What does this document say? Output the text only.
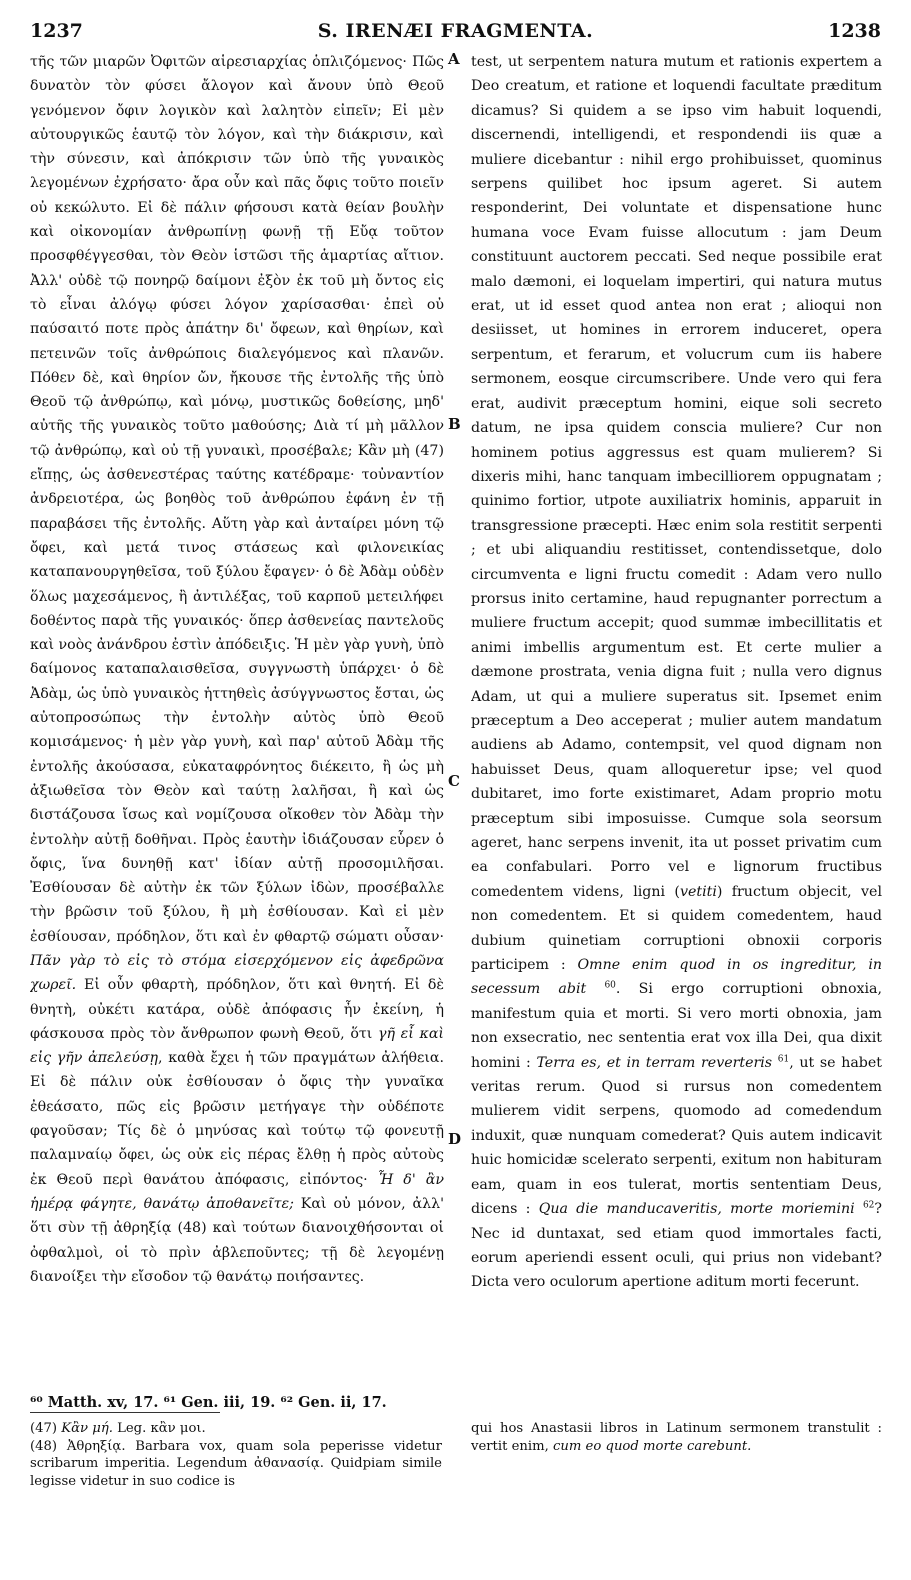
1237	S. IRENÆI FRAGMENTA.	1238

τῆς τῶν μιαρῶν Ὀφιτῶν αἱρεσιαρχίας ὁπλιζόμενος· Πῶς δυνατὸν τὸν φύσει ἄλογον καὶ ἄνουν ὑπὸ Θεοῦ γενόμενον ὄφιν λογικὸν καὶ λαλητὸν εἰπεῖν; Εἰ μὲν αὐτουργικῶς ἑαυτῷ τὸν λόγον, καὶ τὴν διάκρισιν, καὶ τὴν σύνεσιν, καὶ ἀπόκρισιν τῶν ὑπὸ τῆς γυναικὸς λεγομένων ἐχρήσατο· ἄρα οὖν καὶ πᾶς ὄφις τοῦτο ποιεῖν οὐ κεκώλυτο. Εἰ δὲ πάλιν φήσουσι κατὰ θείαν βουλὴν καὶ οἰκονομίαν ἀνθρωπίνῃ φωνῇ τῇ Εὔᾳ τοῦτον προσφθέγγεσθαι, τὸν Θεὸν ἱστῶσι τῆς ἁμαρτίας αἴτιον. Ἀλλ' οὐδὲ τῷ πονηρῷ δαίμονι ἐξὸν ἐκ τοῦ μὴ ὄντος εἰς τὸ εἶναι ἀλόγῳ φύσει λόγον χαρίσασθαι· ἐπεὶ οὐ παύσαιτό ποτε πρὸς ἀπάτην δι' ὄφεων, καὶ θηρίων, καὶ πετεινῶν τοῖς ἀνθρώποις διαλεγόμενος καὶ πλανῶν. Πόθεν δὲ, καὶ θηρίον ὤν, ἤκουσε τῆς ἐντολῆς τῆς ὑπὸ Θεοῦ τῷ ἀνθρώπῳ, καὶ μόνῳ, μυστικῶς δοθείσης, μηδ' αὐτῆς τῆς γυναικὸς τοῦτο μαθούσης; Διὰ τί μὴ μᾶλλον τῷ ἀνθρώπῳ, καὶ οὐ τῇ γυναικὶ, προσέβαλε; Κἂν μὴ (47) εἴπῃς, ὡς ἀσθενεστέρας ταύτης κατέδραμε· τοὐναντίον ἀνδρειοτέρα, ὡς βοηθὸς τοῦ ἀνθρώπου ἐφάνη ἐν τῇ παραβάσει τῆς ἐντολῆς. Αὕτη γὰρ καὶ ἀνταίρει μόνη τῷ ὄφει, καὶ μετά τινος στάσεως καὶ φιλονεικίας καταπανουργηθεῖσα, τοῦ ξύλου ἔφαγεν· ὁ δὲ Ἀδὰμ οὐδὲν ὅλως μαχεσάμενος, ἢ ἀντιλέξας, τοῦ καρποῦ μετειλήφει δοθέντος παρὰ τῆς γυναικός· ὅπερ ἀσθενείας παντελοῦς καὶ νοὸς ἀνάνδρου ἐστὶν ἀπόδειξις. Ἡ μὲν γὰρ γυνὴ, ὑπὸ δαίμονος καταπαλαισθεῖσα, συγγνωστὴ ὑπάρχει· ὁ δὲ Ἀδὰμ, ὡς ὑπὸ γυναικὸς ἡττηθεὶς ἀσύγγνωστος ἔσται, ὡς αὐτοπροσώπως τὴν ἐντολὴν αὐτὸς ὑπὸ Θεοῦ κομισάμενος· ἡ μὲν γὰρ γυνὴ, καὶ παρ' αὐτοῦ Ἀδὰμ τῆς ἐντολῆς ἀκούσασα, εὐκαταφρόνητος διέκειτο, ἢ ὡς μὴ ἀξιωθεῖσα τὸν Θεὸν καὶ ταύτῃ λαλῆσαι, ἢ καὶ ὡς διστάζουσα ἴσως καὶ νομίζουσα οἴκοθεν τὸν Ἀδὰμ τὴν ἐντολὴν αὐτῇ δοθῆναι. Πρὸς ἑαυτὴν ἰδιάζουσαν εὗρεν ὁ ὄφις, ἵνα δυνηθῇ κατ' ἰδίαν αὐτῇ προσομιλῆσαι. Ἐσθίουσαν δὲ αὐτὴν ἐκ τῶν ξύλων ἰδὼν, προσέβαλλε τὴν βρῶσιν τοῦ ξύλου, ἢ μὴ ἐσθίουσαν. Καὶ εἰ μὲν ἐσθίουσαν, πρόδηλον, ὅτι καὶ ἐν φθαρτῷ σώματι οὖσαν· Πᾶν γὰρ τὸ εἰς τὸ στόμα εἰσερχόμενον εἰς ἀφεδρῶνα χωρεῖ. Εἰ οὖν φθαρτὴ, πρόδηλον, ὅτι καὶ θνητή. Εἰ δὲ θνητὴ, οὐκέτι κατάρα, οὐδὲ ἀπόφασις ἦν ἐκείνη, ἡ φάσκουσα πρὸς τὸν ἄνθρωπον φωνὴ Θεοῦ, ὅτι γῆ εἶ καὶ εἰς γῆν ἀπελεύσῃ, καθὰ ἔχει ἡ τῶν πραγμάτων ἀλήθεια. Εἰ δὲ πάλιν οὐκ ἐσθίουσαν ὁ ὄφις τὴν γυναῖκα ἐθεάσατο, πῶς εἰς βρῶσιν μετήγαγε τὴν οὐδέποτε φαγοῦσαν; Τίς δὲ ὁ μηνύσας καὶ τούτῳ τῷ φονευτῇ παλαμναίῳ ὄφει, ὡς οὐκ εἰς πέρας ἔλθῃ ἡ πρὸς αὐτοὺς ἐκ Θεοῦ περὶ θανάτου ἀπόφασις, εἰπόντος· Ἧ δ' ἂν ἡμέρᾳ φάγητε, θανάτῳ ἀποθανεῖτε; Καὶ οὐ μόνον, ἀλλ' ὅτι σὺν τῇ ἀθρηξίᾳ (48) καὶ τούτων διανοιχθήσονται οἱ ὀφθαλμοὶ, οἱ τὸ πρὶν ἀβλεποῦντες; τῇ δὲ λεγομένῃ διανοίξει τὴν εἴσοδον τῷ θανάτῳ ποιήσαντες.

A
B
C
D

test, ut serpentem natura mutum et rationis expertem a Deo creatum, et ratione et loquendi facultate præditum dicamus? Si quidem a se ipso vim habuit loquendi, discernendi, intelligendi, et respondendi iis quæ a muliere dicebantur : nihil ergo prohibuisset, quominus serpens quilibet hoc ipsum ageret. Si autem responderint, Dei voluntate et dispensatione hunc humana voce Evam fuisse allocutum : jam Deum constituunt auctorem peccati. Sed neque possibile erat malo dæmoni, ei loquelam impertiri, qui natura mutus erat, ut id esset quod antea non erat ; alioqui non desiisset, ut homines in errorem induceret, opera serpentum, et ferarum, et volucrum cum iis habere sermonem, eosque circumscribere. Unde vero qui fera erat, audivit præceptum homini, eique soli secreto datum, ne ipsa quidem conscia muliere? Cur non hominem potius aggressus est quam mulierem? Si dixeris mihi, hanc tanquam imbecilliorem oppugnatam ; quinimo fortior, utpote auxiliatrix hominis, apparuit in transgressione præcepti. Hæc enim sola restitit serpenti ; et ubi aliquandiu restitisset, contendissetque, dolo circumventa e ligni fructu comedit : Adam vero nullo prorsus inito certamine, haud repugnanter porrectum a muliere fructum accepit; quod summæ imbecillitatis et animi imbellis argumentum est. Et certe mulier a dæmone prostrata, venia digna fuit ; nulla vero dignus Adam, ut qui a muliere superatus sit. Ipsemet enim præceptum a Deo acceperat ; mulier autem mandatum audiens ab Adamo, contempsit, vel quod dignam non habuisset Deus, quam alloqueretur ipse; vel quod dubitaret, imo forte existimaret, Adam proprio motu præceptum sibi imposuisse. Cumque sola seorsum ageret, hanc serpens invenit, ita ut posset privatim cum ea confabulari. Porro vel e lignorum fructibus comedentem videns, ligni (vetiti) fructum objecit, vel non comedentem. Et si quidem comedentem, haud dubium quinetiam corruptioni obnoxii corporis participem : Omne enim quod in os ingreditur, in secessum abit $^{60}$. Si ergo corruptioni obnoxia, manifestum quia et morti. Si vero morti obnoxia, jam non exsecratio, nec sententia erat vox illa Dei, qua dixit homini : Terra es, et in terram reverteris $^{61}$, ut se habet veritas rerum. Quod si rursus non comedentem mulierem vidit serpens, quomodo ad comedendum induxit, quæ nunquam comederat? Quis autem indicavit huic homicidæ scelerato serpenti, exitum non habituram eam, quam in eos tulerat, mortis sententiam Deus, dicens : Qua die manducaveritis, morte moriemini $^{62}$? Nec id duntaxat, sed etiam quod immortales facti, eorum aperiendi essent oculi, qui prius non videbant? Dicta vero oculorum apertione aditum morti fecerunt.

⁶⁰ Matth. xv, 17. ⁶¹ Gen. iii, 19. ⁶² Gen. ii, 17.

(47) Κἂν μή. Leg. κἂν μοι.

(48) Ἀθρηξίᾳ. Barbara vox, quam sola peperisse videtur scribarum imperitia. Legendum ἀθανασίᾳ. Quidpiam simile legisse videtur in suo codice is

qui hos Anastasii libros in Latinum sermonem transtulit : vertit enim, cum eo quod morte carebunt.
